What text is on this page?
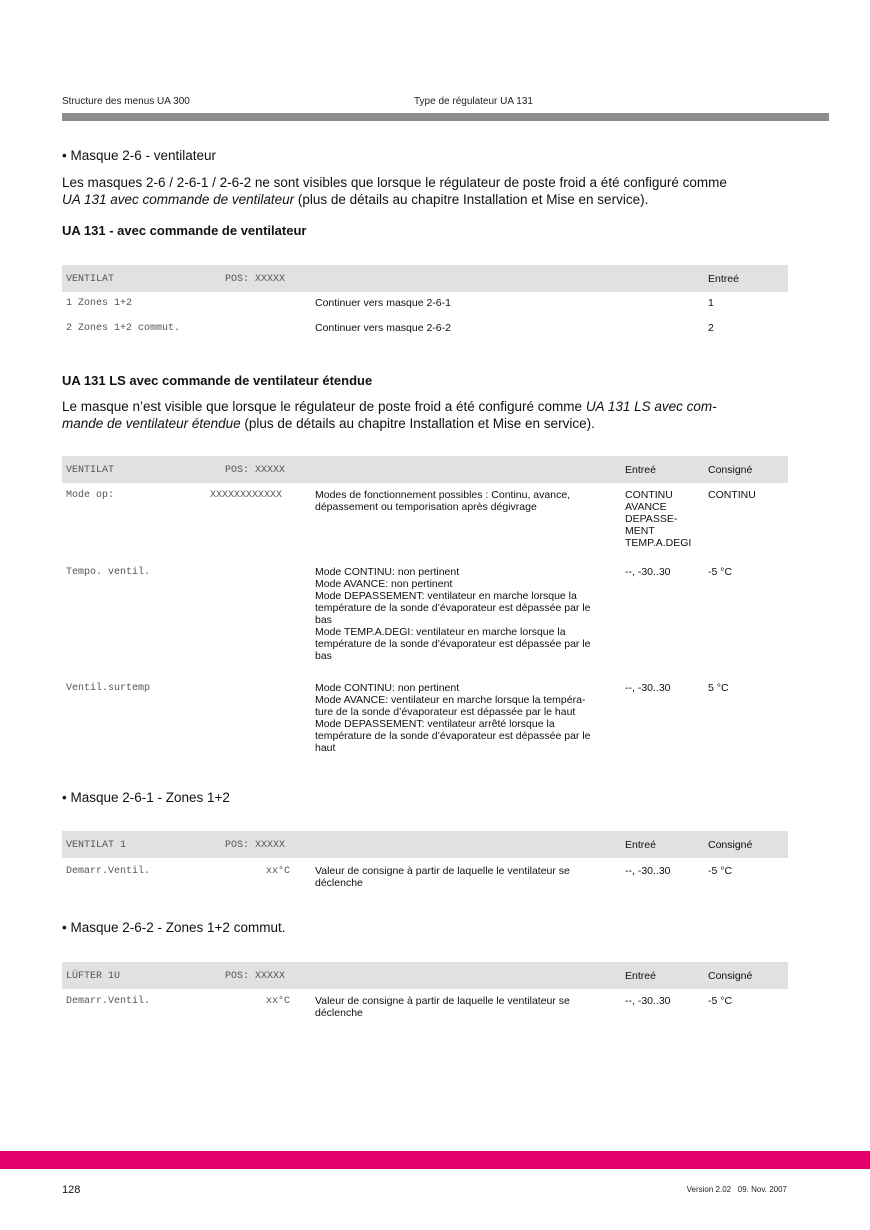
Structure des menus UA 300	Type de régulateur UA 131
• Masque 2-6 - ventilateur
Les masques 2-6 / 2-6-1 / 2-6-2 ne sont visibles que lorsque le régulateur de poste froid a été configuré comme
UA 131 avec commande de ventilateur (plus de détails au chapitre Installation et Mise en service).
UA 131 - avec commande de ventilateur
VENTILAT	POS: XXXXX	Entreé
1 Zones 1+2	Continuer vers masque 2-6-1	1
2 Zones 1+2 commut.	Continuer vers masque 2-6-2	2
UA 131 LS avec commande de ventilateur étendue
Le masque n’est visible que lorsque le régulateur de poste froid a été configuré comme UA 131 LS avec com-
mande de ventilateur étendue (plus de détails au chapitre Installation et Mise en service).
VENTILAT	POS: XXXXX	Entreé	Consigné
Mode op:	XXXXXXXXXXXX	Modes de fonctionnement possibles : Continu, avance,
dépassement ou temporisation après dégivrage
CONTINU
AVANCE
DEPASSE-
MENT
TEMP.A.DEGI
CONTINU
Tempo. ventil.	Mode CONTINU: non pertinent
Mode AVANCE: non pertinent
Mode DEPASSEMENT: ventilateur en marche lorsque la
température de la sonde d’évaporateur est dépassée par le
bas
Mode TEMP.A.DEGI: ventilateur en marche lorsque la
température de la sonde d’évaporateur est dépassée par le
bas
--, -30..30	-5 °C
Ventil.surtemp	Mode CONTINU: non pertinent
Mode AVANCE: ventilateur en marche lorsque la tempéra-
ture de la sonde d’évaporateur est dépassée par le haut
Mode DEPASSEMENT: ventilateur arrêté lorsque la
température de la sonde d’évaporateur est dépassée par le
haut
--, -30..30	5 °C
• Masque 2-6-1 - Zones 1+2
VENTILAT 1	POS: XXXXX	Entreé	Consigné
Demarr.Ventil.	xx°C Valeur de consigne à partir de laquelle le ventilateur se
déclenche
--, -30..30	-5 °C
• Masque 2-6-2 - Zones 1+2 commut.
LÜFTER 1U	POS: XXXXX	Entreé	Consigné
Demarr.Ventil.	xx°C Valeur de consigne à partir de laquelle le ventilateur se
déclenche
--, -30..30	-5 °C
128	Version 2.02   09. Nov. 2007
